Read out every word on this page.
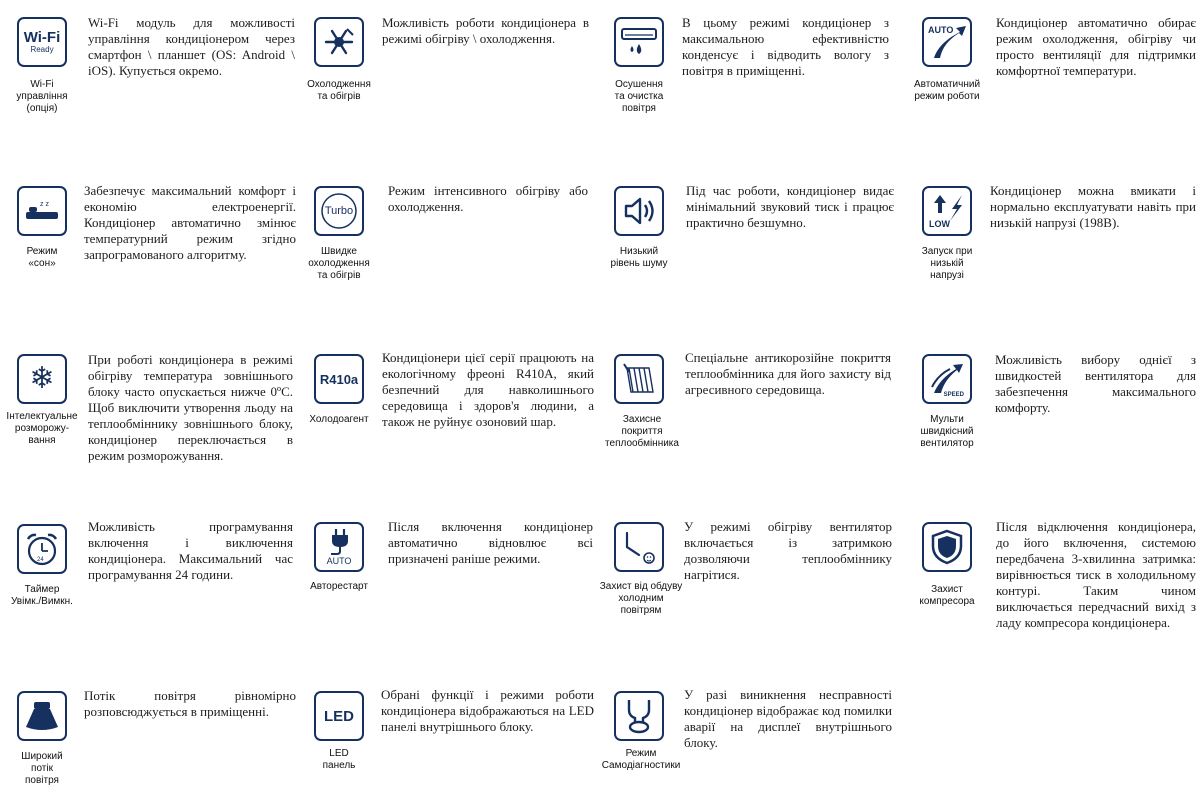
Wi-Fi
Ready
Wi-Fi
управління
(опція)
Wi-Fi модуль для можливості управління кондиціонером через смартфон \ планшет (OS: Android \ iOS). Купується окремо.
Охолодження
та обігрів
Можливість роботи кондиціонера в режимі обігріву \ охолодження.
Осушення
та очистка
повітря
В цьому режимі кондиціонер з максимальною ефективністю конденсує і відводить вологу з повітря в приміщенні.
AUTO
Автоматичний
режим роботи
Кондиціонер автоматично обирає режим охолодження, обігріву чи просто вентиляції для підтримки комфортної температури.
z z
Режим
«сон»
Забезпечує максимальний комфорт і економію електроенергії. Кондиціонер автоматично змінює температурний режим згідно запрограмованого алгоритму.
Turbo
Швидке
охолодження
та обігрів
Режим інтенсивного обігріву або охолодження.
Низький
рівень шуму
Під час роботи, кондиціонер видає мінімальний звуковий тиск і працює практично безшумно.	LOW
Запуск при
низькій
напрузі
Кондиціонер можна вмикати і нормально експлуатувати навіть при низькій напрузі (198В).
❄
Інтелектуальне
розморожу-
вання
При роботі кондиціонера в режимі обігріву температура зовнішнього блоку часто опускається нижче 0ºС. Щоб виключити утворення льоду на теплообміннику зовнішнього блоку, кондиціонер переключається в режим розморожування.
R410a
Холодоагент
Кондиціонери цієї серії працюють на екологічному фреоні R410A, який безпечний для навколишнього середовища і здоров'я людини, а також не руйнує озоновий шар.	Захисне
покриття
теплообмінника
Спеціальне антикорозійне покриття теплообмінника для його захисту від агресивного середовища.	SPEED
Мульти
швидкісний
вентилятор
Можливість вибору однієї з швидкостей вентилятора для забезпечення максимального комфорту.
24
Таймер
Увімк./Вимкн.
Можливість програмування включення і виключення кондиціонера. Максимальний час програмування 24 години.
AUTO
Авторестарт
Після включення кондиціонер автоматично відновлює всі призначені раніше режими.
Захист від обдуву
холодним
повітрям
У режимі обігріву вентилятор включається із затримкою дозволяючи теплообміннику нагрітися.
Захист
компресора
Після відключення кондиціонера, до його включення, системою передбачена 3-хвилинна затримка: вирівнюється тиск в холодильному контурі. Таким чином виключається передчасний вихід з ладу компресора кондиціонера.
Широкий
потік
повітря
Потік повітря рівномірно розповсюджується в приміщенні.	LED
LED
панель
Обрані функції і режими роботи кондиціонера відображаються на LED панелі внутрішнього блоку.
Режим
Самодіагностики
У разі виникнення несправності кондиціонер відображає код помилки аварії на дисплеї внутрішнього блоку.
